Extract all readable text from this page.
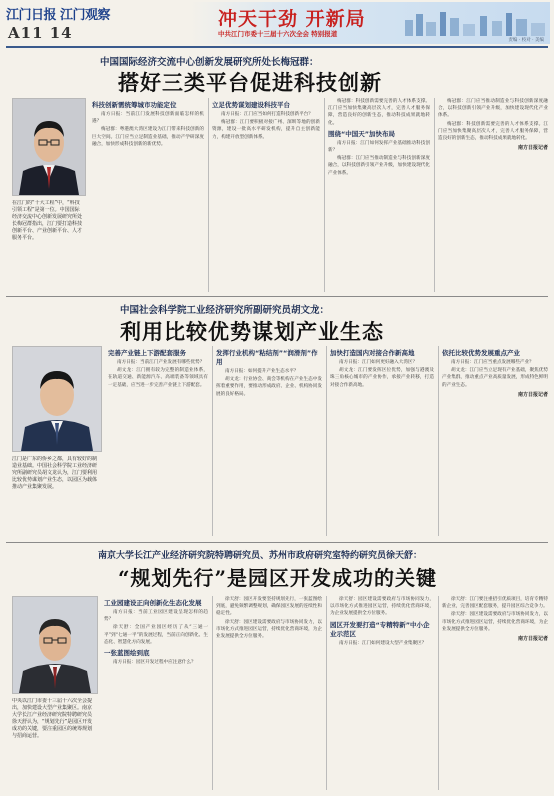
江门日报 江门观察
A11 14
冲天干劲 开新局
中共江门市委十三届十六次全会 特别报道
责编 · 校对 · 美编
中国国际经济交流中心创新发展研究所处长梅冠群：
搭好三类平台促进科技创新
在江门的“十大工程”中，“科技引领工程”是第一位。中国国际经济交流中心创新发展研究所处长梅冠群指出，江门要打造科技创新平台、产业创新平台、人才服务平台。
科技创新需统筹城市功能定位
南方日报：当前江门发展科技创新面临怎样的机遇？
梅冠群：粤港澳大湾区建设为江门带来科技创新的巨大空间。江门应当立足制造业基础，推动产学研深度融合，加快形成科技创新的新优势。
立足优势谋划建设科技平台
南方日报：江门应当如何打造科技创新平台？
梅冠群：江门要积极对接广州、深圳等地的创新资源，建设一批高水平研发机构，提升自主创新能力，构建开放型创新体系。
梅冠群：科技创新需要完善的人才体系支撑。江门应当加快集聚高层次人才，完善人才服务保障，营造良好的创新生态，推动科技成果就地转化。
围绕“中国天”加快布局
南方日报：江门如何发挥产业基础推动科技创新？
梅冠群：江门应当推动制造业与科技创新深度融合，以科技创新引领产业升级，加快建设现代化产业体系。
梅冠群：江门应当推动制造业与科技创新深度融合，以科技创新引领产业升级，加快建设现代化产业体系。
梅冠群：科技创新需要完善的人才体系支撑。江门应当加快集聚高层次人才，完善人才服务保障，营造良好的创新生态，推动科技成果就地转化。
南方日报记者
中国社会科学院工业经济研究所副研究员胡文龙：
利用比较优势谋划产业生态
江门是广东的侨乡之都，具有较好的制造业基础。中国社会科学院工业经济研究所副研究员胡文龙认为，江门要利用比较优势谋划产业生态，以园区为载体推动产业集聚发展。
完善产业链上下游配套服务
南方日报：当前江门产业发展有哪些优势？
胡文龙：江门拥有较为完整的制造业体系，在轨道交通、新能源汽车、高端装备等领域具有一定基础，应当进一步完善产业链上下游配套。
发挥行业机构“粘结剂”“润滑剂”作用
南方日报：如何提升产业生态水平？
胡文龙：行业协会、商会等机构在产业生态中发挥着重要作用，要推动形成政府、企业、机构协同发展的良好格局。
加快打造国内对接合作新高地
南方日报：江门如何更好融入大湾区？
胡文龙：江门要发挥区位优势，加强与港澳及珠三角核心城市的产业协作，承接产业转移，打造对接合作新高地。
依托比较优势发展重点产业
南方日报：江门应当重点发展哪些产业？
胡文龙：江门应当立足现有产业基础，聚焦优势产业集群，推动重点产业高质量发展，形成特色鲜明的产业生态。
南方日报记者
南京大学长江产业经济研究院特聘研究员、苏州市政府研究室特约研究员徐天舒：
“规划先行”是园区开发成功的关键
中央以江门市委十三届十六次全会提出，加快建设大型产业集聚区。南京大学长江产业经济研究院特聘研究员徐天舒认为，“规划先行”是园区开发成功的关键，要注重园区的统筹规划与招商运营。
工业园建设正向创新化生态化发展
南方日报：当前工业园区建设呈现怎样的趋势？
徐天舒：全国产业园区经历了从“三通一平”到“七通一平”的发展过程，当前正向创新化、生态化、智慧化方向发展。
一张蓝图绘到底
南方日报：园区开发过程中应注意什么？
徐天舒：园区开发要坚持规划先行，一张蓝图绘到底，避免频繁调整规划，确保园区发展的连续性和稳定性。
徐天舒：园区建设需要政府与市场协同发力，以市场化方式推进园区运营，持续优化营商环境，为企业发展提供全方位服务。
徐天舒：园区建设需要政府与市场协同发力，以市场化方式推进园区运营，持续优化营商环境，为企业发展提供全方位服务。
园区开发要打造“专精特新”中小企业示范区
南方日报：江门如何建设大型产业集聚区？
徐天舒：江门要注重招引优质项目，培育专精特新企业，完善园区配套服务，提升园区综合竞争力。
徐天舒：园区建设需要政府与市场协同发力，以市场化方式推进园区运营，持续优化营商环境，为企业发展提供全方位服务。
南方日报记者
